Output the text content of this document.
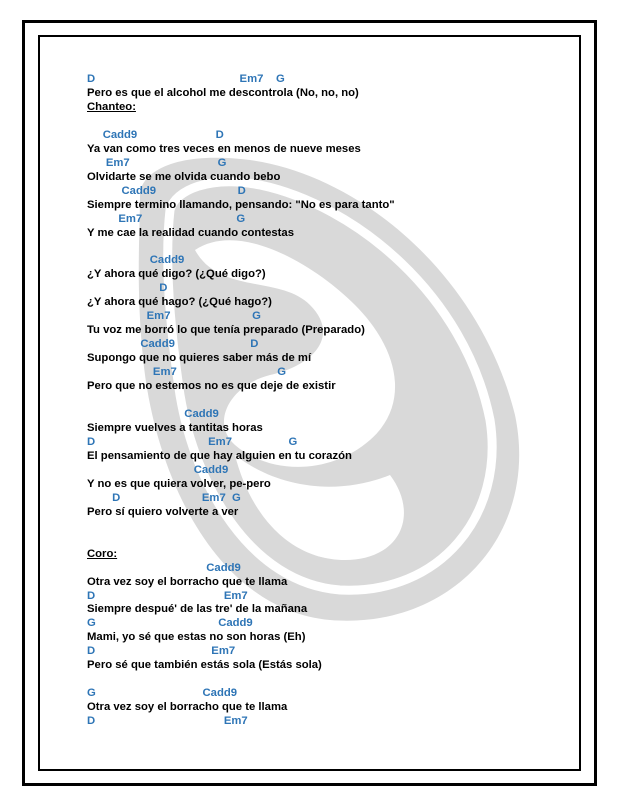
D                                              Em7    G
Pero es que el alcohol me descontrola (No, no, no)
Chanteo:
Cadd9                         D
Ya van como tres veces en menos de nueve meses
Em7                            G
Olvidarte se me olvida cuando bebo
Cadd9                          D
Siempre termino llamando, pensando: "No es para tanto"
Em7                              G
Y me cae la realidad cuando contestas
Cadd9
¿Y ahora qué digo? (¿Qué digo?)
D
¿Y ahora qué hago? (¿Qué hago?)
Em7                          G
Tu voz me borró lo que tenía preparado (Preparado)
Cadd9                        D
Supongo que no quieres saber más de mí
Em7                                G
Pero que no estemos no es que deje de existir
Cadd9
Siempre vuelves a tantitas horas
D                                    Em7                  G
El pensamiento de que hay alguien en tu corazón
Cadd9
Y no es que quiera volver, pe-pero
D                          Em7  G
Pero sí quiero volverte a ver
Coro:
Cadd9
Otra vez soy el borracho que te llama
D                                         Em7
Siempre despué' de las tre' de la mañana
G                                       Cadd9
Mami, yo sé que estas no son horas (Eh)
D                                     Em7
Pero sé que también estás sola (Estás sola)
G                                  Cadd9
Otra vez soy el borracho que te llama
D                                         Em7
